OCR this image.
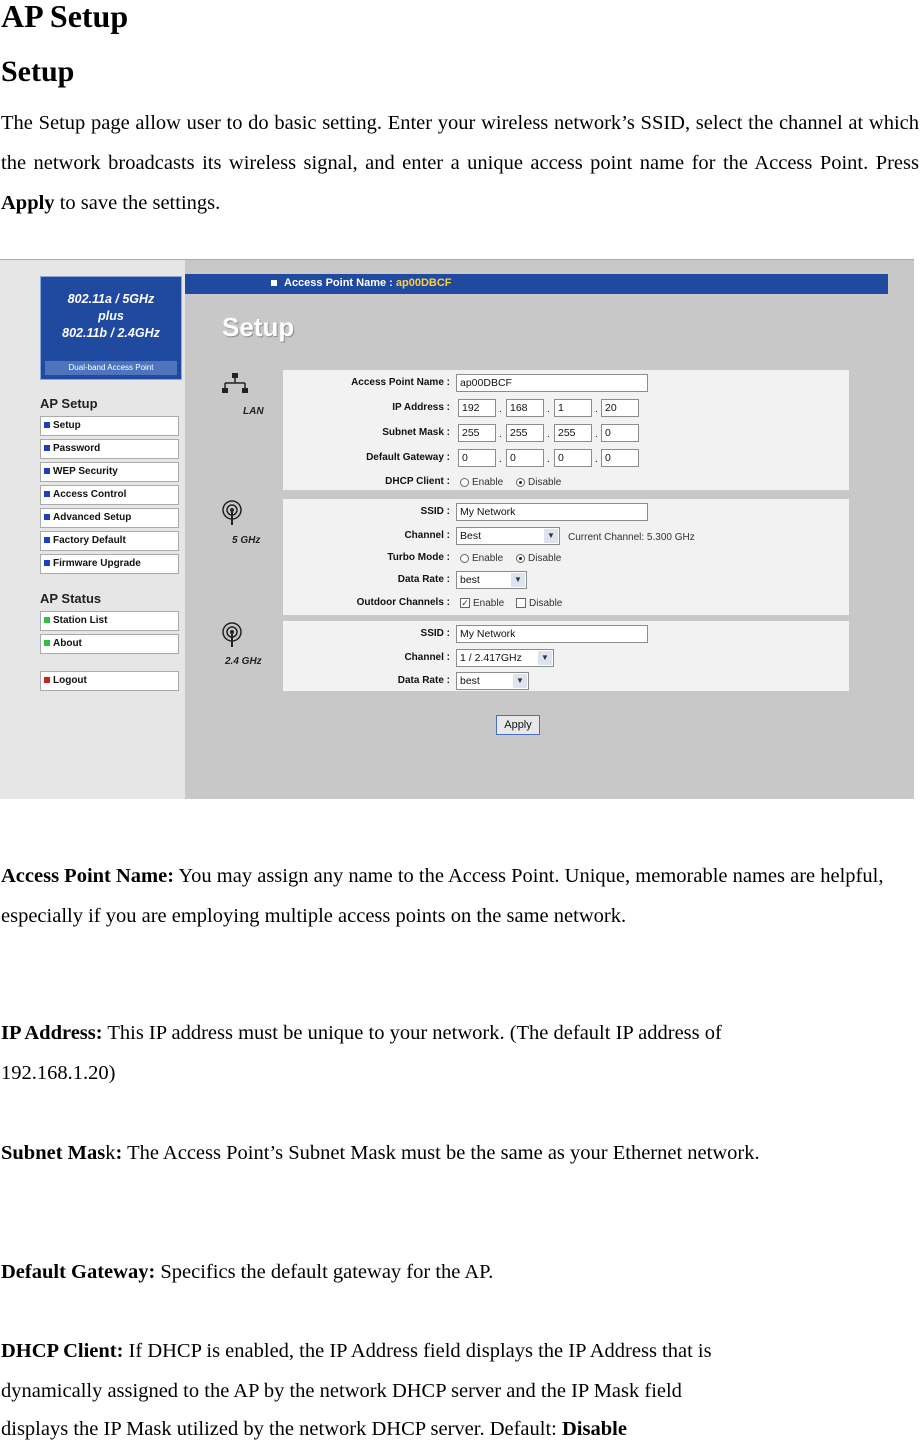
AP Setup
Setup
The Setup page allow user to do basic setting. Enter your wireless network’s SSID, select the channel at which the network broadcasts its wireless signal, and enter a unique access point name for the Access Point. Press Apply to save the settings.
802.11a / 5GHz
plus
802.11b / 2.4GHz
Dual-band Access Point
AP Setup
Setup
Password
WEP Security
Access Control
Advanced Setup
Factory Default
Firmware Upgrade
AP Status
Station List
About
Logout
Access Point Name : ap00DBCF
Setup
LAN
Access Point Name : ap00DBCF
IP Address :	192	. 168	. 1	. 20
Subnet Mask :	255	. 255	. 255	. 0
Default Gateway :	0	. 0	. 0	. 0
DHCP Client :	Enable	Disable
5 GHz
SSID : My Network
Channel : Best	▼	Current Channel: 5.300 GHz
Turbo Mode :	Enable	Disable
Data Rate : best	▼
Outdoor Channels : ✓ Enable	Disable
2.4 GHz
SSID : My Network
Channel : 1 / 2.417GHz	▼
Data Rate : best	▼
Apply
Access Point Name: You may assign any name to the Access Point. Unique, memorable names are helpful, especially if you are employing multiple access points on the same network.
IP Address: This IP address must be unique to your network. (The default IP address of
192.168.1.20)
Subnet Mask: The Access Point’s Subnet Mask must be the same as your Ethernet network.
Default Gateway: Specifics the default gateway for the AP.
DHCP Client: If DHCP is enabled, the IP Address field displays the IP Address that is
dynamically assigned to the AP by the network DHCP server and the IP Mask field
displays the IP Mask utilized by the network DHCP server. Default: Disable
